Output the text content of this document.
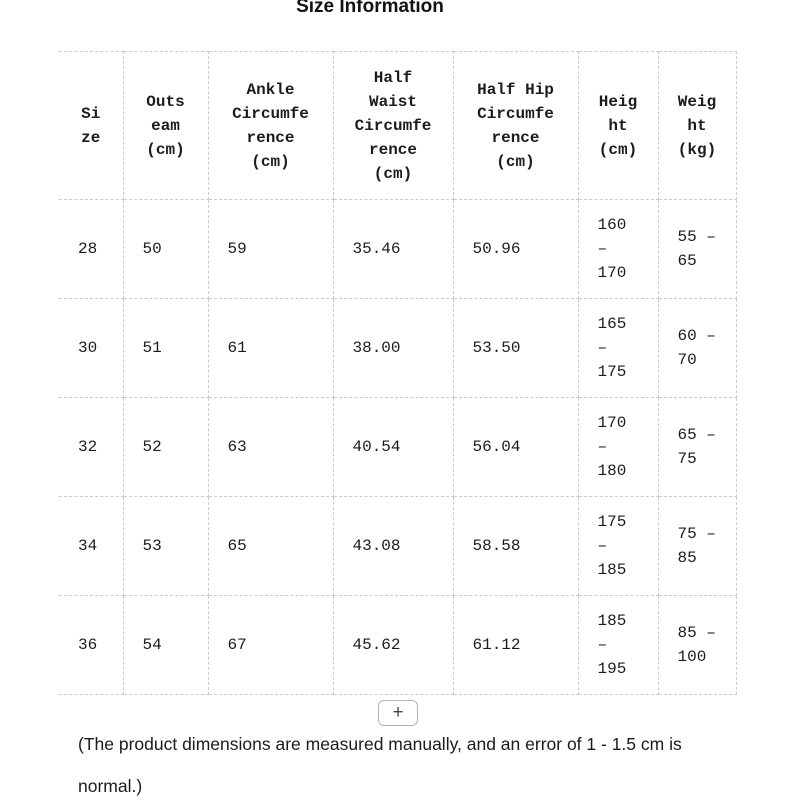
Size Information
Size	Outseam (cm)	Ankle Circumference (cm)	Half Waist Circumference (cm)	Half Hip Circumference (cm)	Height (cm)	Weight (kg)
28	50	59	35.46	50.96	160 – 170	55 – 65
30	51	61	38.00	53.50	165 – 175	60 – 70
32	52	63	40.54	56.04	170 – 180	65 – 75
34	53	65	43.08	58.58	175 – 185	75 – 85
36	54	67	45.62	61.12	185 – 195	85 – 100
+
(The product dimensions are measured manually, and an error of 1 - 1.5 cm is normal.)
